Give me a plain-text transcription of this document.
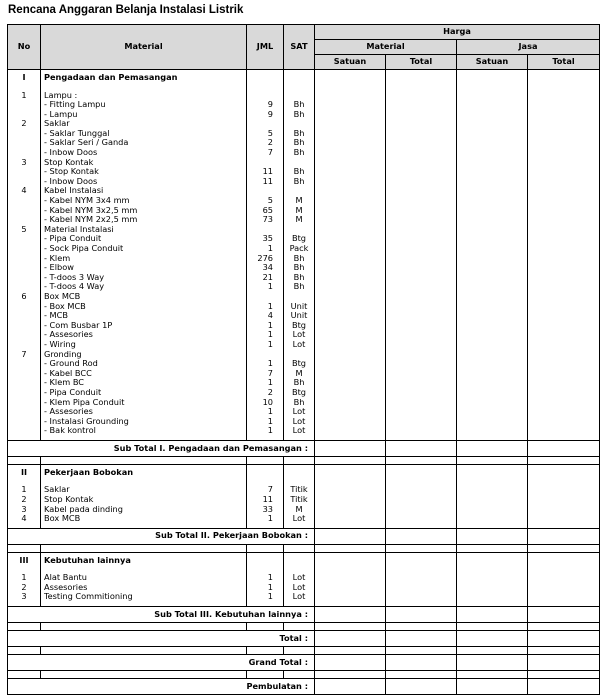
Rencana Anggaran Belanja Instalasi Listrik
No	Material	JML	SAT	Harga			
				Material		Jasa	
				Satuan	Total	Satuan	Total
I	Pengadaan dan Pemasangan						

1	Lampu :						
	- Fitting Lampu	9	Bh				
	- Lampu	9	Bh				
2	Saklar						
	- Saklar Tunggal	5	Bh				
	- Saklar Seri / Ganda	2	Bh				
	- Inbow Doos	7	Bh				
3	Stop Kontak						
	- Stop Kontak	11	Bh				
	- Inbow Doos	11	Bh				
4	Kabel Instalasi						
	- Kabel NYM 3x4 mm	5	M				
	- Kabel NYM 3x2,5 mm	65	M				
	- Kabel NYM 2x2,5 mm	73	M				
5	Material Instalasi						
	- Pipa Conduit	35	Btg				
	- Sock Pipa Conduit	1	Pack				
	- Klem	276	Bh				
	- Elbow	34	Bh				
	- T-doos 3 Way	21	Bh				
	- T-doos 4 Way	1	Bh				
6	Box MCB						
	- Box MCB	1	Unit				
	- MCB	4	Unit				
	- Com Busbar 1P	1	Btg				
	- Assesories	1	Lot				
	- Wiring	1	Lot				
7	Gronding						
	- Ground Rod	1	Btg				
	- Kabel BCC	7	M				
	- Klem BC	1	Bh				
	- Pipa Conduit	2	Btg				
	- Klem Pipa Conduit	10	Bh				
	- Assesories	1	Lot				
	- Instalasi Grounding	1	Lot				
	- Bak kontrol	1	Lot				

Sub Total I. Pengadaan dan Pemasangan :							

II	Pekerjaan Bobokan						

1	Saklar	7	Titik				
2	Stop Kontak	11	Titik				
3	Kabel pada dinding	33	M				
4	Box MCB	1	Lot				

Sub Total II. Pekerjaan Bobokan :							

III	Kebutuhan lainnya						

1	Alat Bantu	1	Lot				
2	Assesories	1	Lot				
3	Testing Commitioning	1	Lot				

Sub Total III. Kebutuhan lainnya :							

Total :							

Grand Total :							

Pembulatan :							
